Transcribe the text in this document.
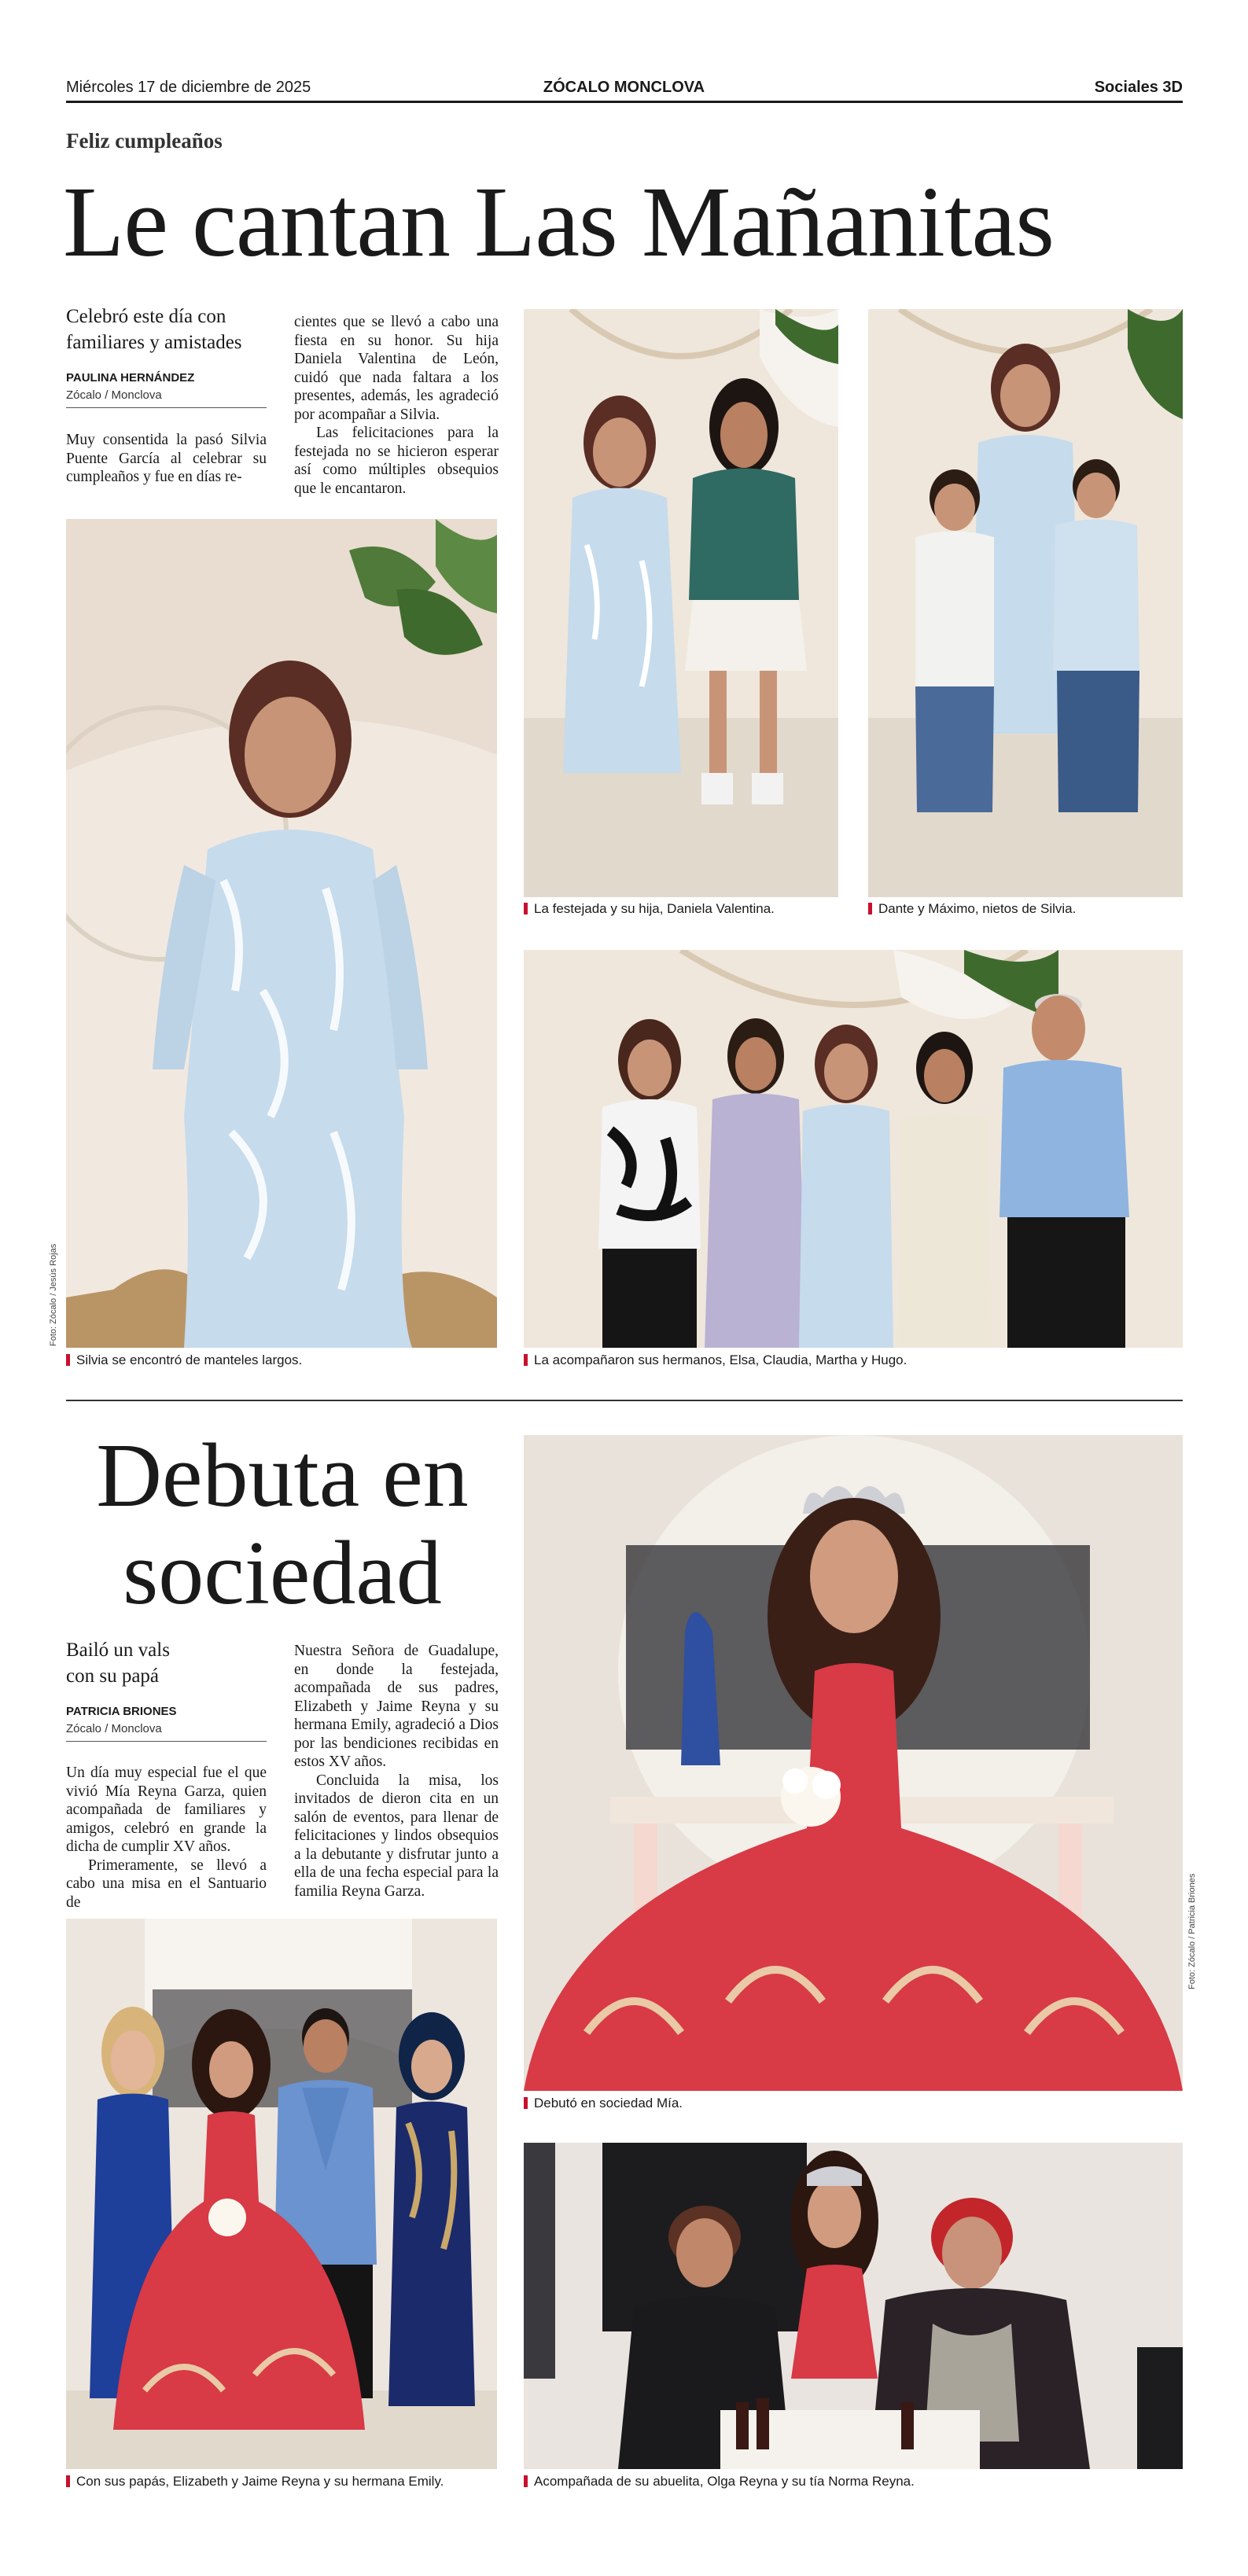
Miércoles 17 de diciembre de 2025	ZÓCALO MONCLOVA	Sociales 3D
Feliz cumpleaños
Le cantan Las Mañanitas
Celebró este día con
familiares y amistades
PAULINA HERNÁNDEZ
Zócalo / Monclova

Muy consentida la pasó Silvia Puente García al celebrar su cumpleaños y fue en días re-

cientes que se llevó a cabo una fiesta en su honor. Su hija Daniela Valentina de León, cuidó que nada faltara a los presentes, además, les agradeció por acompañar a Silvia.

Las felicitaciones para la festejada no se hicieron esperar así como múltiples obsequios que le encantaron.

Foto: Zócalo / Jesús Rojas
Silvia se encontró de manteles largos.
La festejada y su hija, Daniela Valentina.	Dante y Máximo, nietos de Silvia.
La acompañaron sus hermanos, Elsa, Claudia, Martha y Hugo.
Debuta en
sociedad
Bailó un vals
con su papá
PATRICIA BRIONES
Zócalo / Monclova

Un día muy especial fue el que vivió Mía Reyna Garza, quien acompañada de familiares y amigos, celebró en grande la dicha de cumplir XV años.

Primeramente, se llevó a cabo una misa en el Santuario de

Nuestra Señora de Guadalupe, en donde la festejada, acompañada de sus padres, Elizabeth y Jaime Reyna y su hermana Emily, agradeció a Dios por las bendiciones recibidas en estos XV años.

Concluida la misa, los invitados de dieron cita en un salón de eventos, para llenar de felicitaciones y lindos obsequios a la debutante y disfrutar junto a ella de una fecha especial para la familia Reyna Garza.	Foto: Zócalo / Patricia Briones
Debutó en sociedad Mía.
Con sus papás, Elizabeth y Jaime Reyna y su hermana Emily.	Acompañada de su abuelita, Olga Reyna y su tía Norma Reyna.
